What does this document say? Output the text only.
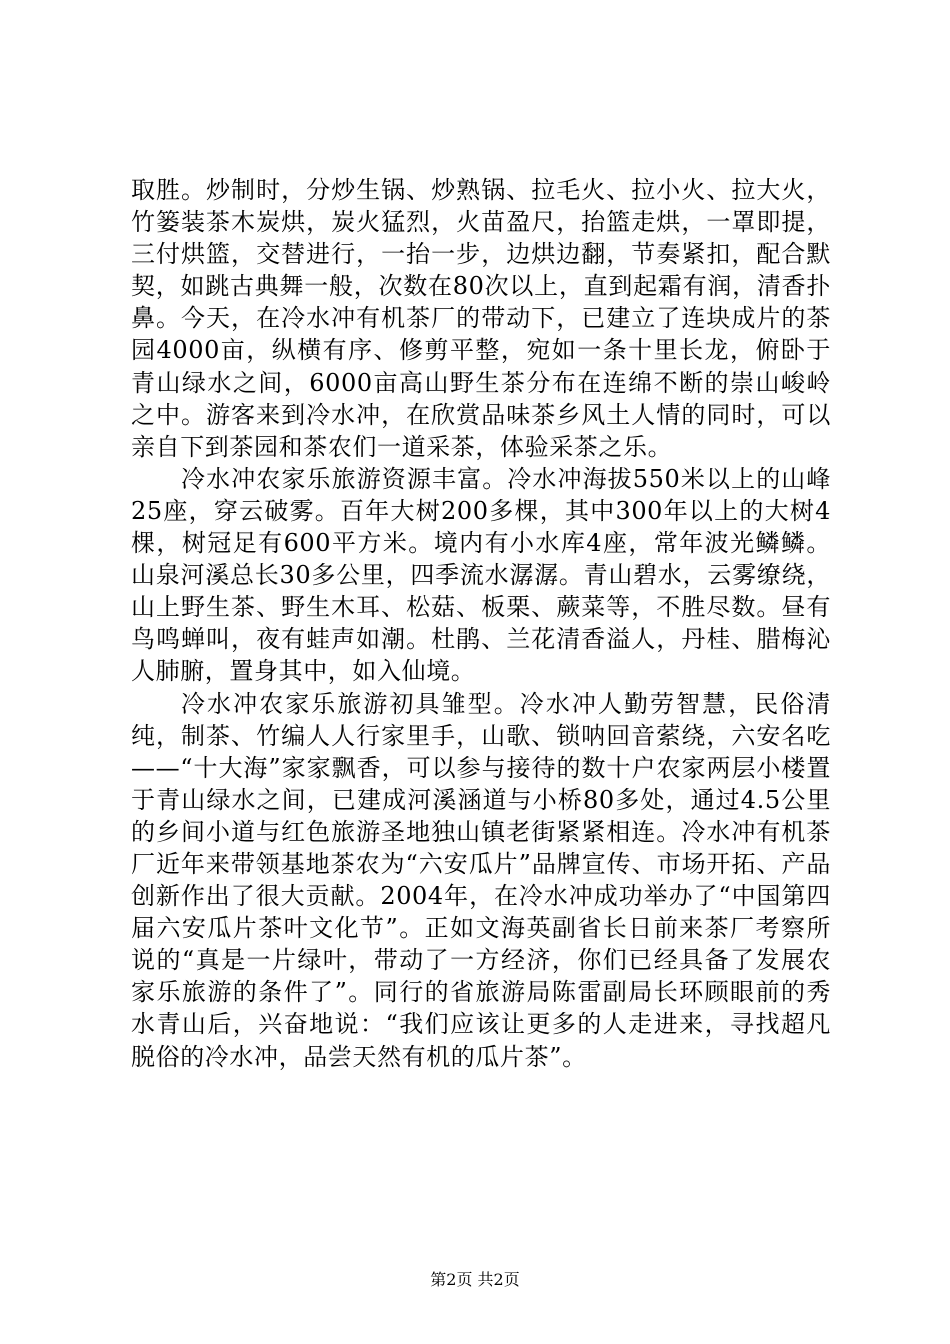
取胜。炒制时，分炒生锅、炒熟锅、拉毛火、拉小火、拉大火，竹篓装茶木炭烘，炭火猛烈，火苗盈尺，抬篮走烘，一罩即提，三付烘篮，交替进行，一抬一步，边烘边翻，节奏紧扣，配合默契，如跳古典舞一般，次数在80次以上，直到起霜有润，清香扑鼻。今天，在冷水冲有机茶厂的带动下，已建立了连块成片的茶园4000亩，纵横有序、修剪平整，宛如一条十里长龙，俯卧于青山绿水之间，6000亩高山野生茶分布在连绵不断的崇山峻岭之中。游客来到冷水冲，在欣赏品味茶乡风土人情的同时，可以亲自下到茶园和茶农们一道采茶，体验采茶之乐。

冷水冲农家乐旅游资源丰富。冷水冲海拔550米以上的山峰25座，穿云破雾。百年大树200多棵，其中300年以上的大树4棵，树冠足有600平方米。境内有小水库4座，常年波光鳞鳞。山泉河溪总长30多公里，四季流水潺潺。青山碧水，云雾缭绕，山上野生茶、野生木耳、松菇、板栗、蕨菜等，不胜尽数。昼有鸟鸣蝉叫，夜有蛙声如潮。杜鹃、兰花清香溢人，丹桂、腊梅沁人肺腑，置身其中，如入仙境。

冷水冲农家乐旅游初具雏型。冷水冲人勤劳智慧，民俗清纯，制茶、竹编人人行家里手，山歌、锁呐回音萦绕，六安名吃——“十大海”家家飘香，可以参与接待的数十户农家两层小楼置于青山绿水之间，已建成河溪涵道与小桥80多处，通过4.5公里的乡间小道与红色旅游圣地独山镇老街紧紧相连。冷水冲有机茶厂近年来带领基地茶农为“六安瓜片”品牌宣传、市场开拓、产品创新作出了很大贡献。2004年，在冷水冲成功举办了“中国第四届六安瓜片茶叶文化节”。正如文海英副省长日前来茶厂考察所说的“真是一片绿叶，带动了一方经济，你们已经具备了发展农家乐旅游的条件了”。同行的省旅游局陈雷副局长环顾眼前的秀水青山后，兴奋地说：“我们应该让更多的人走进来，寻找超凡脱俗的冷水冲，品尝天然有机的瓜片茶”。

第2页 共2页
